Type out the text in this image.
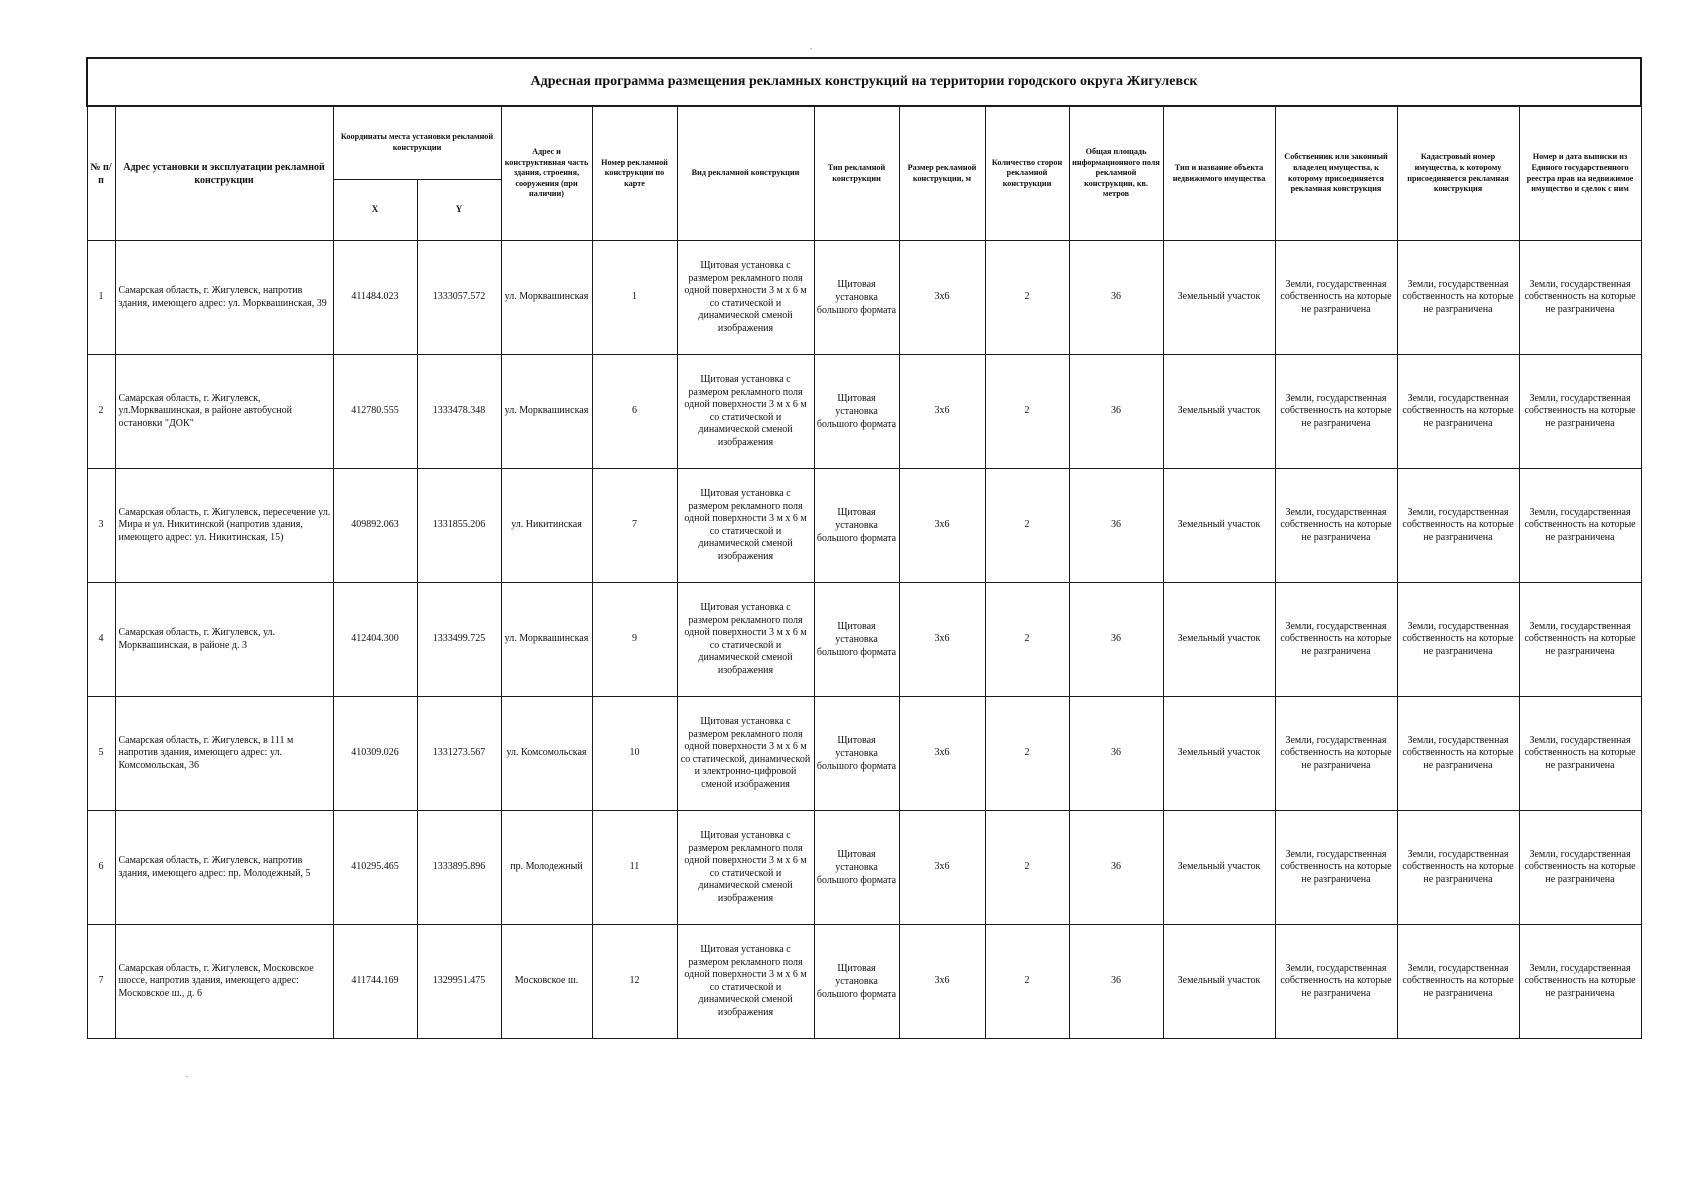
Адресная программа размещения рекламных конструкций на территории городского округа Жигулевск														
№ п/п	Адрес установки и эксплуатации рекламной конструкции	Координаты места установки рекламной конструкции		Адрес и конструктивная часть здания, строения, сооружения (при наличии)	Номер рекламной конструкции по карте	Вид рекламной конструкции	Тип рекламной конструкции	Размер рекламной конструкции, м	Количество сторон рекламной конструкции	Общая площадь информационного поля рекламной конструкции, кв. метров	Тип и название объекта недвижимого имущества	Собственник или законный владелец имущества, к которому присоединяется рекламная конструкция	Кадастровый номер имущества, к которому присоединяется рекламная конструкция	Номер и дата выписки из Единого государственного реестра прав на недвижимое имущество и сделок с ним
		X	Y											
1	Самарская область, г. Жигулевск, напротив здания, имеющего адрес: ул. Морквашинская, 39	411484.023	1333057.572	ул. Морквашинская	1	Щитовая установка с размером рекламного поля одной поверхности 3 м х 6 м со статической и динамической сменой изображения	Щитовая установка большого формата	3х6	2	36	Земельный участок	Земли, государственная собственность на которые не разграничена	Земли, государственная собственность на которые не разграничена	Земли, государственная собственность на которые не разграничена
2	Самарская область, г. Жигулевск, ул.Морквашинская, в районе автобусной остановки "ДОК"	412780.555	1333478.348	ул. Морквашинская	6	Щитовая установка с размером рекламного поля одной поверхности 3 м х 6 м со статической и динамической сменой изображения	Щитовая установка большого формата	3х6	2	36	Земельный участок	Земли, государственная собственность на которые не разграничена	Земли, государственная собственность на которые не разграничена	Земли, государственная собственность на которые не разграничена
3	Самарская область, г. Жигулевск, пересечение ул. Мира и ул. Никитинской (напротив здания, имеющего адрес: ул. Никитинская, 15)	409892.063	1331855.206	ул. Никитинская	7	Щитовая установка с размером рекламного поля одной поверхности 3 м х 6 м со статической и динамической сменой изображения	Щитовая установка большого формата	3х6	2	36	Земельный участок	Земли, государственная собственность на которые не разграничена	Земли, государственная собственность на которые не разграничена	Земли, государственная собственность на которые не разграничена
4	Самарская область, г. Жигулевск, ул. Морквашинская, в районе д. 3	412404.300	1333499.725	ул. Морквашинская	9	Щитовая установка с размером рекламного поля одной поверхности 3 м х 6 м со статической и динамической сменой изображения	Щитовая установка большого формата	3х6	2	36	Земельный участок	Земли, государственная собственность на которые не разграничена	Земли, государственная собственность на которые не разграничена	Земли, государственная собственность на которые не разграничена
5	Самарская область, г. Жигулевск, в 111 м напротив здания, имеющего адрес: ул. Комсомольская, 36	410309.026	1331273.567	ул. Комсомольская	10	Щитовая установка с размером рекламного поля одной поверхности 3 м х 6 м со статической, динамической и электронно-цифровой сменой изображения	Щитовая установка большого формата	3х6	2	36	Земельный участок	Земли, государственная собственность на которые не разграничена	Земли, государственная собственность на которые не разграничена	Земли, государственная собственность на которые не разграничена
6	Самарская область, г. Жигулевск, напротив здания, имеющего адрес: пр. Молодежный, 5	410295.465	1333895.896	пр. Молодежный	11	Щитовая установка с размером рекламного поля одной поверхности 3 м х 6 м со статической и динамической сменой изображения	Щитовая установка большого формата	3х6	2	36	Земельный участок	Земли, государственная собственность на которые не разграничена	Земли, государственная собственность на которые не разграничена	Земли, государственная собственность на которые не разграничена
7	Самарская область, г. Жигулевск, Московское шоссе, напротив здания, имеющего адрес: Московское ш., д. 6	411744.169	1329951.475	Московское ш.	12	Щитовая установка с размером рекламного поля одной поверхности 3 м х 6 м со статической и динамической сменой изображения	Щитовая установка большого формата	3х6	2	36	Земельный участок	Земли, государственная собственность на которые не разграничена	Земли, государственная собственность на которые не разграничена	Земли, государственная собственность на которые не разграничена
